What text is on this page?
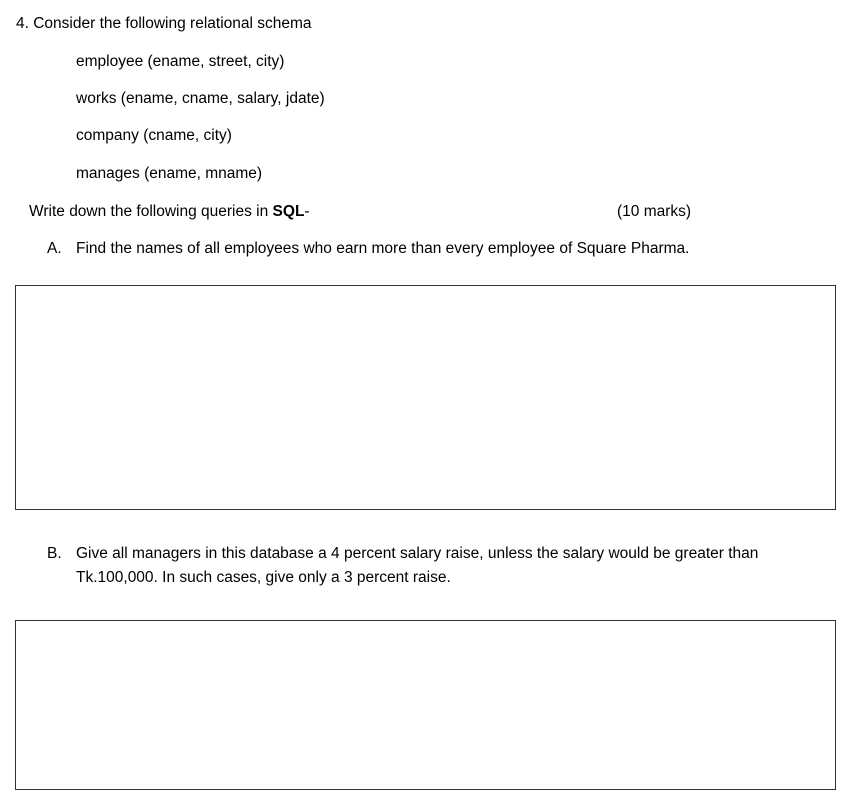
4. Consider the following relational schema
employee (ename, street, city)
works (ename, cname, salary, jdate)
company (cname, city)
manages (ename, mname)
Write down the following queries in SQL-	(10 marks)
A. Find the names of all employees who earn more than every employee of Square Pharma.
B. Give all managers in this database a 4 percent salary raise, unless the salary would be greater than Tk.100,000. In such cases, give only a 3 percent raise.
